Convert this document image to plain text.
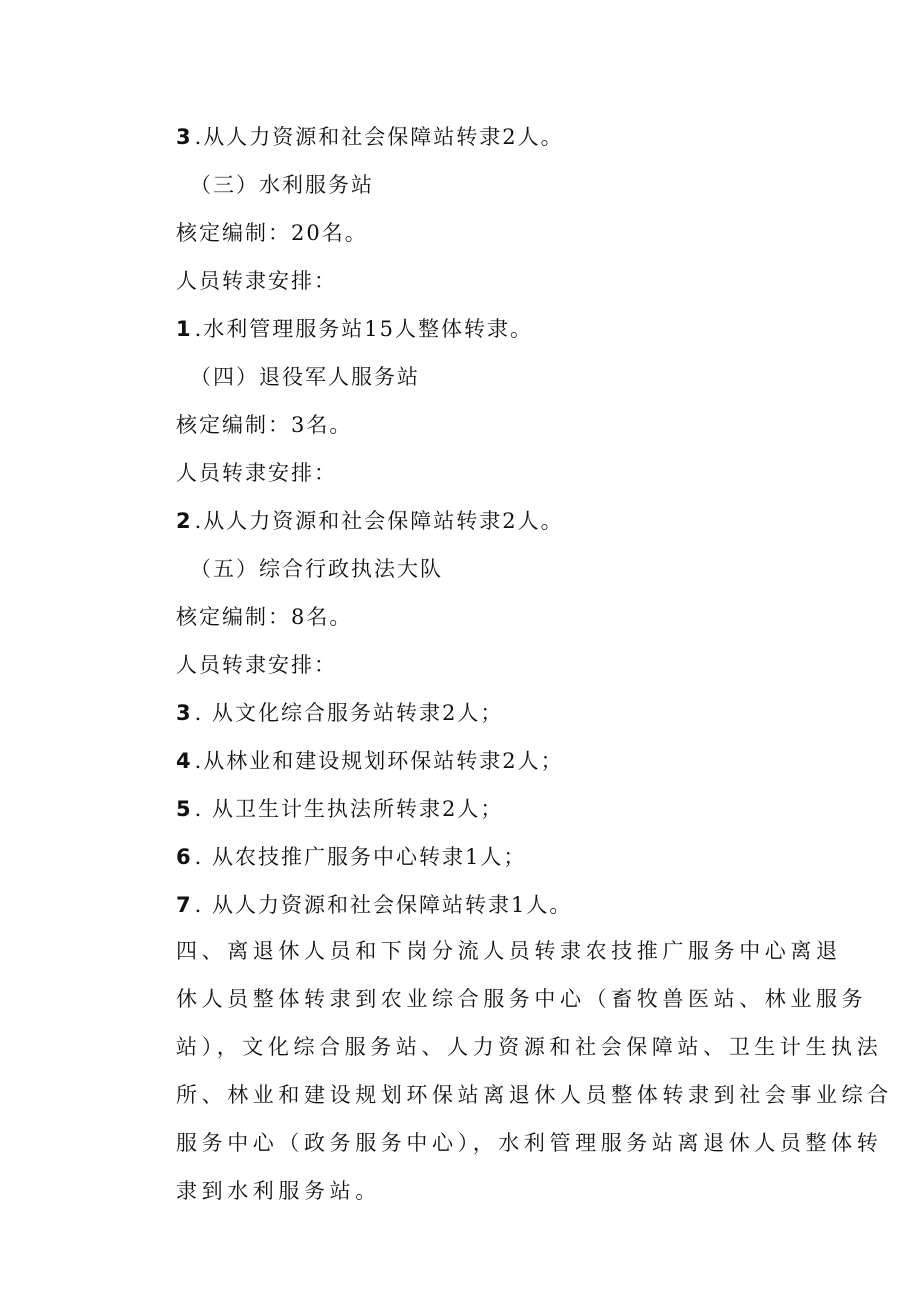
3.从人力资源和社会保障站转隶2人。
（三）水利服务站
核定编制：20名。
人员转隶安排：
1.水利管理服务站15人整体转隶。
（四）退役军人服务站
核定编制：3名。
人员转隶安排：
2.从人力资源和社会保障站转隶2人。
（五）综合行政执法大队
核定编制：8名。
人员转隶安排：
3. 从文化综合服务站转隶2人；
4.从林业和建设规划环保站转隶2人；
5. 从卫生计生执法所转隶2人；
6. 从农技推广服务中心转隶1人；
7. 从人力资源和社会保障站转隶1人。
四、离退休人员和下岗分流人员转隶农技推广服务中心离退
休人员整体转隶到农业综合服务中心（畜牧兽医站、林业服务
站），文化综合服务站、人力资源和社会保障站、卫生计生执法
所、林业和建设规划环保站离退休人员整体转隶到社会事业综合
服务中心（政务服务中心），水利管理服务站离退休人员整体转
隶到水利服务站。
